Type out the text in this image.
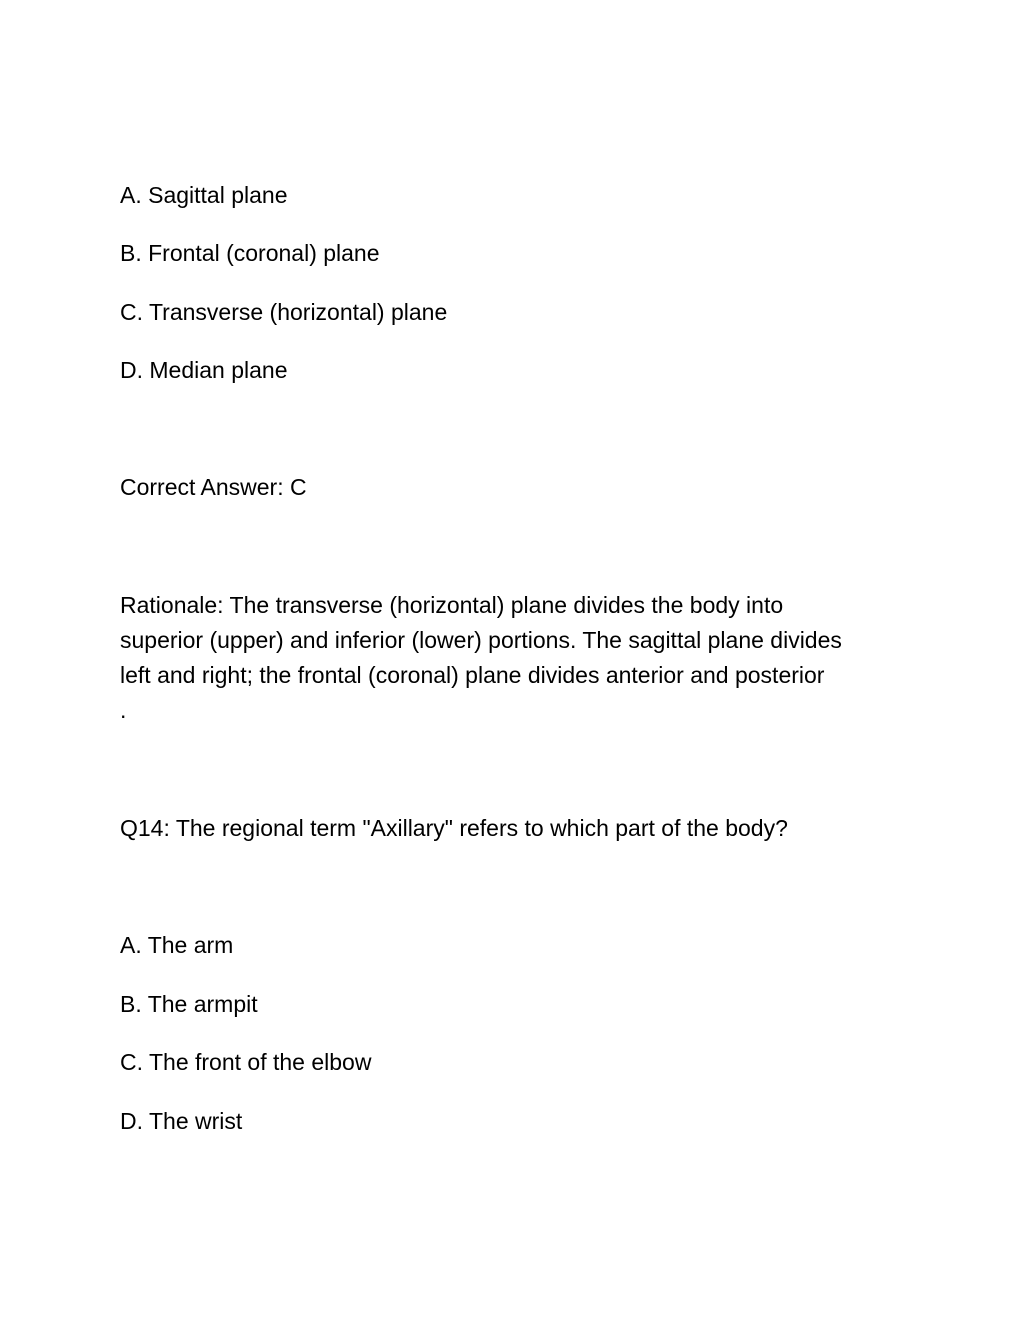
A. Sagittal plane

B. Frontal (coronal) plane

C. Transverse (horizontal) plane

D. Median plane

Correct Answer: C

Rationale: The transverse (horizontal) plane divides the body into
superior (upper) and inferior (lower) portions. The sagittal plane divides
left and right; the frontal (coronal) plane divides anterior and posterior
.

Q14: The regional term "Axillary" refers to which part of the body?

A. The arm

B. The armpit

C. The front of the elbow

D. The wrist
